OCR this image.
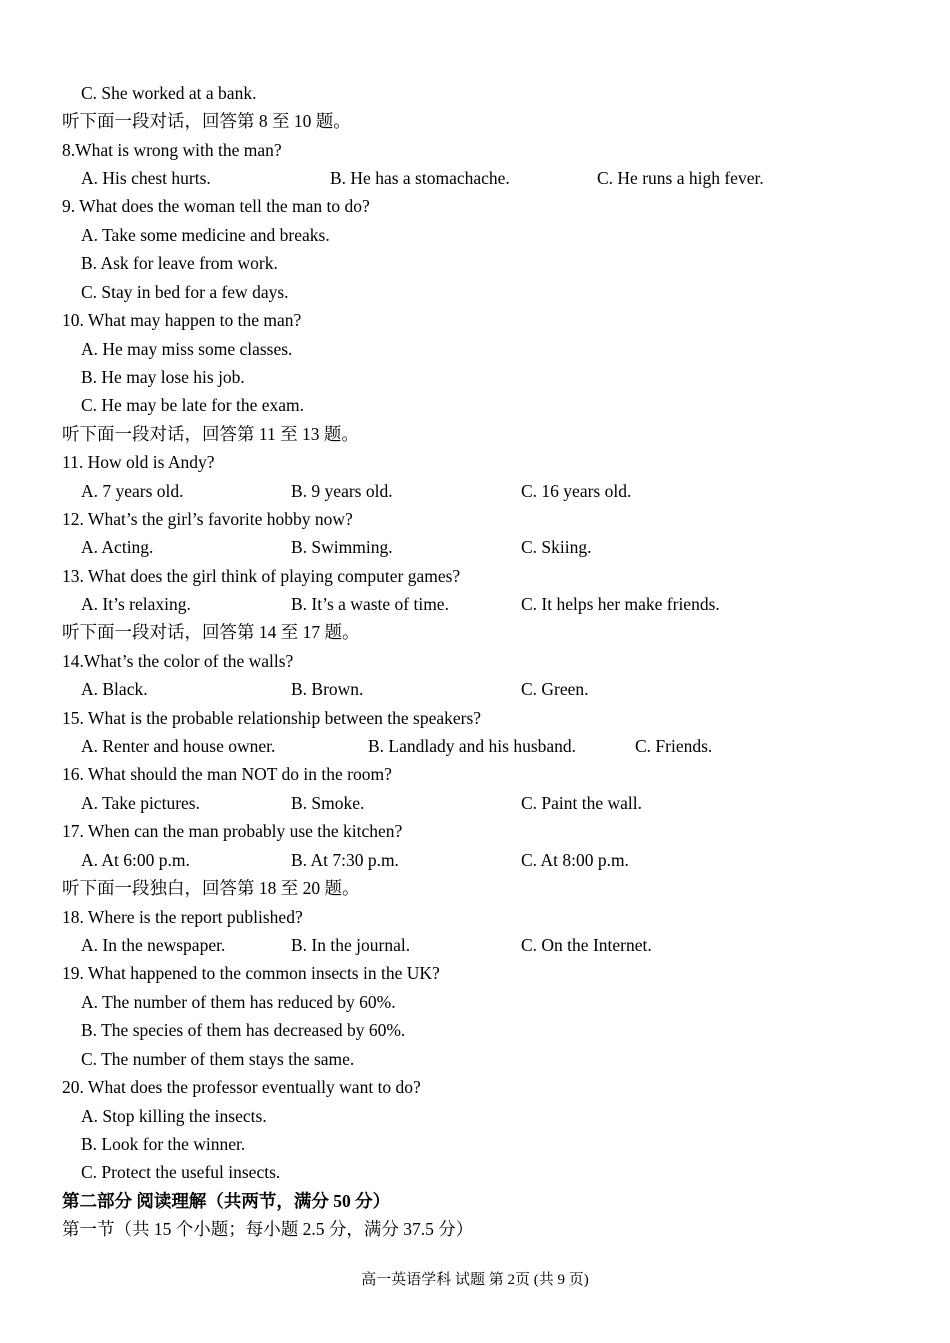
C. She worked at a bank.
听下面一段对话，回答第 8 至 10 题。
8.What is wrong with the man?
A. His chest hurts.	B. He has a stomachache.	C. He runs a high fever.
9. What does the woman tell the man to do?
A. Take some medicine and breaks.
B. Ask for leave from work.
C. Stay in bed for a few days.
10. What may happen to the man?
A. He may miss some classes.
B. He may lose his job.
C. He may be late for the exam.
听下面一段对话，回答第 11 至 13 题。
11. How old is Andy?
A. 7 years old.	B. 9 years old.	C. 16 years old.
12. What’s the girl’s favorite hobby now?
A. Acting.	B. Swimming.	C. Skiing.
13. What does the girl think of playing computer games?
A. It’s relaxing.	B. It’s a waste of time.	C. It helps her make friends.
听下面一段对话，回答第 14 至 17 题。
14.What’s the color of the walls?
A. Black.	B. Brown.	C. Green.
15. What is the probable relationship between the speakers?
A. Renter and house owner.	B. Landlady and his husband.	C. Friends.
16. What should the man NOT do in the room?
A. Take pictures.	B. Smoke.	C. Paint the wall.
17. When can the man probably use the kitchen?
A. At 6:00 p.m.	B. At 7:30 p.m.	C. At 8:00 p.m.
听下面一段独白，回答第 18 至 20 题。
18. Where is the report published?
A. In the newspaper.	B. In the journal.	C. On the Internet.
19. What happened to the common insects in the UK?
A. The number of them has reduced by 60%.
B. The species of them has decreased by 60%.
C. The number of them stays the same.
20. What does the professor eventually want to do?
A. Stop killing the insects.
B. Look for the winner.
C. Protect the useful insects.
第二部分 阅读理解（共两节，满分 50 分）
第一节（共 15 个小题；每小题 2.5 分，满分 37.5 分）
高一英语学科 试题 第 2页 (共 9 页)
